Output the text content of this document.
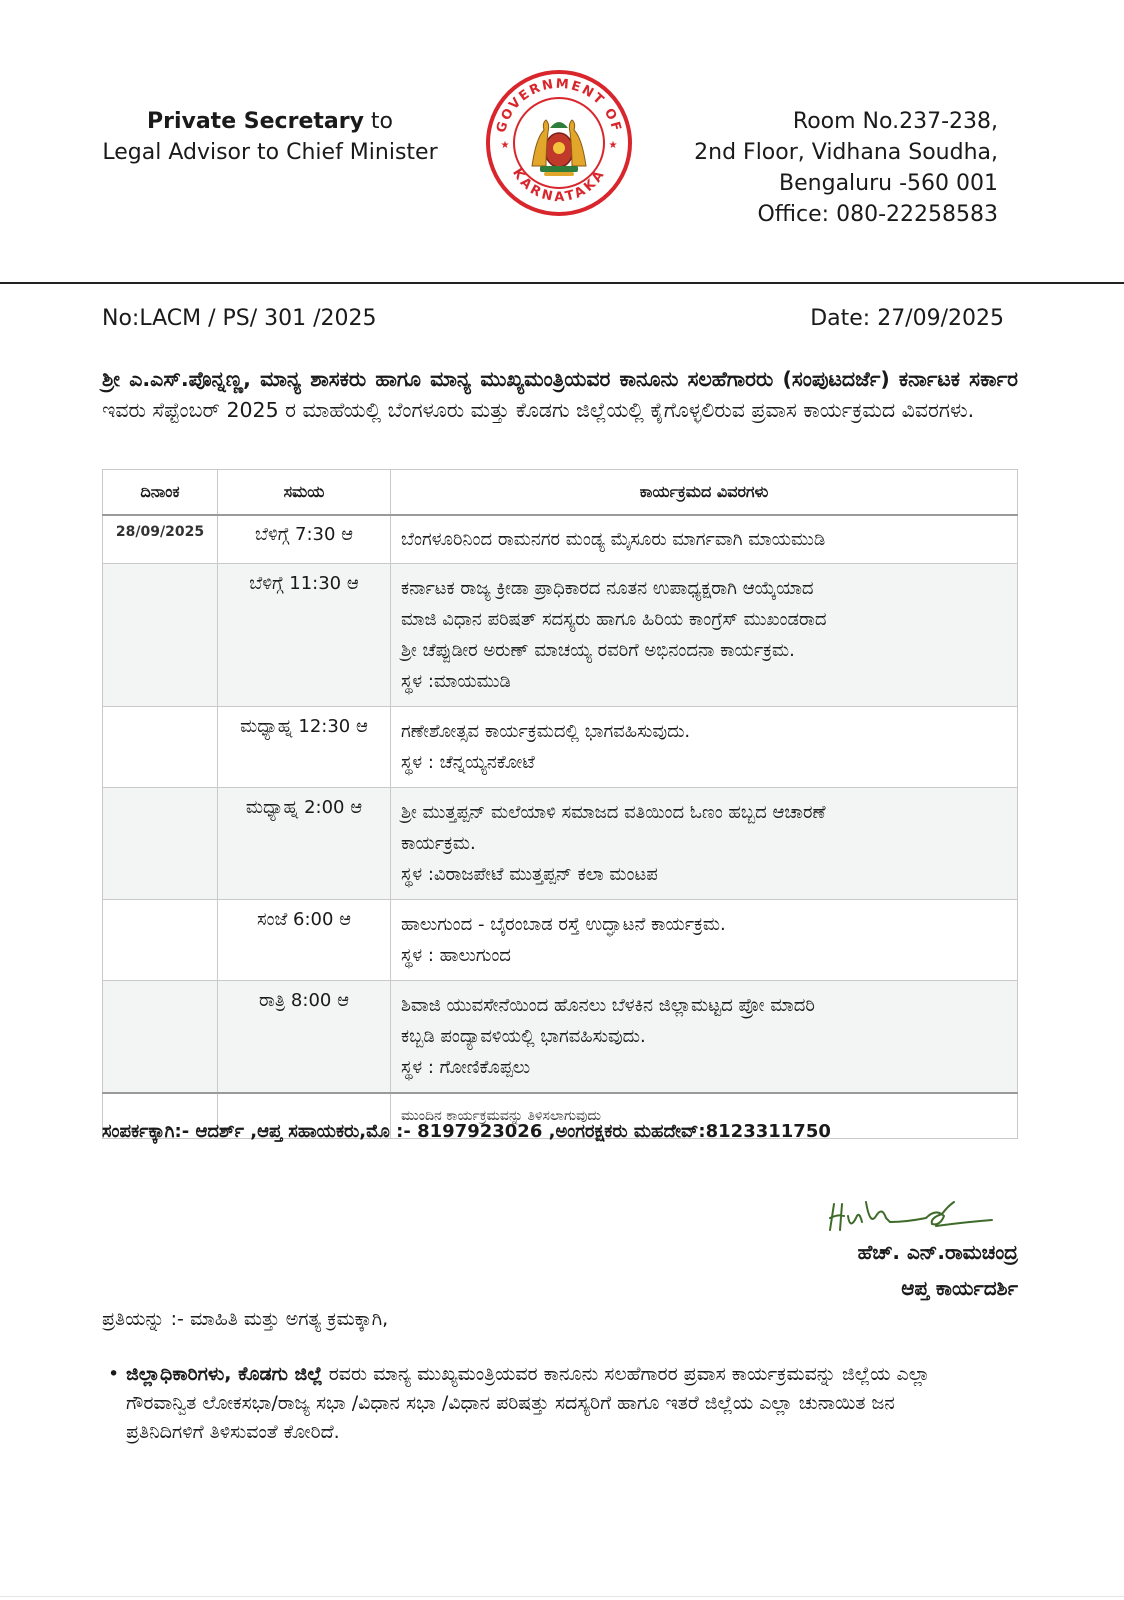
Private Secretary to
Legal Advisor to Chief Minister
GOVERNMENT OF
KARNATAKA
★	★
Room No.237-238,
2nd Floor, Vidhana Soudha,
Bengaluru -560 001
Office: 080-22258583
No:LACM / PS/ 301 /2025	Date: 27/09/2025
ಶ್ರೀ ಎ.ಎಸ್.ಪೊನ್ನಣ್ಣ, ಮಾನ್ಯ ಶಾಸಕರು ಹಾಗೂ ಮಾನ್ಯ ಮುಖ್ಯಮಂತ್ರಿಯವರ ಕಾನೂನು ಸಲಹೆಗಾರರು (ಸಂಪುಟದರ್ಜೆ) ಕರ್ನಾಟಕ ಸರ್ಕಾರ ಇವರು ಸೆಪ್ಟೆಂಬರ್ 2025 ರ ಮಾಹೆಯಲ್ಲಿ ಬೆಂಗಳೂರು ಮತ್ತು ಕೊಡಗು ಜಿಲ್ಲೆಯಲ್ಲಿ ಕೈಗೊಳ್ಳಲಿರುವ ಪ್ರವಾಸ ಕಾರ್ಯಕ್ರಮದ ವಿವರಗಳು.
ದಿನಾಂಕ	ಸಮಯ	ಕಾರ್ಯಕ್ರಮದ ವಿವರಗಳು
28/09/2025	ಬೆಳಿಗ್ಗೆ 7:30 ಆ	ಬೆಂಗಳೂರಿನಿಂದ ರಾಮನಗರ ಮಂಡ್ಯ ಮೈಸೂರು ಮಾರ್ಗವಾಗಿ ಮಾಯಮುಡಿ

	ಬೆಳಿಗ್ಗೆ 11:30 ಆ	ಕರ್ನಾಟಕ ರಾಜ್ಯ ಕ್ರೀಡಾ ಪ್ರಾಧಿಕಾರದ ನೂತನ ಉಪಾಧ್ಯಕ್ಷರಾಗಿ ಆಯ್ಕೆಯಾದ
ಮಾಜಿ ವಿಧಾನ ಪರಿಷತ್ ಸದಸ್ಯರು ಹಾಗೂ ಹಿರಿಯ ಕಾಂಗ್ರೆಸ್ ಮುಖಂಡರಾದ
ಶ್ರೀ ಚೆಪ್ಪುಡೀರ ಅರುಣ್ ಮಾಚಯ್ಯ ರವರಿಗೆ ಅಭಿನಂದನಾ ಕಾರ್ಯಕ್ರಮ.
ಸ್ಥಳ :ಮಾಯಮುಡಿ

	ಮಧ್ಯಾಹ್ನ 12:30 ಆ	ಗಣೇಶೋತ್ಸವ ಕಾರ್ಯಕ್ರಮದಲ್ಲಿ ಭಾಗವಹಿಸುವುದು.
ಸ್ಥಳ : ಚೆನ್ನಯ್ಯನಕೋಟೆ

	ಮಧ್ಯಾಹ್ನ 2:00 ಆ	ಶ್ರೀ ಮುತ್ತಪ್ಪನ್ ಮಲೆಯಾಳಿ ಸಮಾಜದ ವತಿಯಿಂದ ಓಣಂ ಹಬ್ಬದ ಆಚಾರಣೆ
ಕಾರ್ಯಕ್ರಮ.
ಸ್ಥಳ :ವಿರಾಜಪೇಟೆ ಮುತ್ತಪ್ಪನ್ ಕಲಾ ಮಂಟಪ

	ಸಂಜೆ 6:00 ಆ	ಹಾಲುಗುಂದ - ಬೈರಂಬಾಡ ರಸ್ತೆ ಉದ್ಘಾಟನೆ ಕಾರ್ಯಕ್ರಮ.
ಸ್ಥಳ : ಹಾಲುಗುಂದ

	ರಾತ್ರಿ 8:00 ಆ	ಶಿವಾಜಿ ಯುವಸೇನೆಯಿಂದ ಹೊನಲು ಬೆಳಕಿನ ಜಿಲ್ಲಾಮಟ್ಟದ ಪ್ರೋ ಮಾದರಿ
ಕಬ್ಬಡಿ ಪಂದ್ಯಾವಳಿಯಲ್ಲಿ ಭಾಗವಹಿಸುವುದು.
ಸ್ಥಳ : ಗೋಣಿಕೊಪ್ಪಲು

		ಮುಂದಿನ ಕಾರ್ಯಕ್ರಮವನ್ನು ತಿಳಿಸಲಾಗುವುದು
ಸಂಪರ್ಕಕ್ಕಾಗಿ:- ಆದರ್ಶ್ ,ಆಪ್ತ ಸಹಾಯಕರು,ಮೊ :- 8197923026 ,ಅಂಗರಕ್ಷಕರು ಮಹದೇವ್:8123311750
ಹೆಚ್. ಎನ್.ರಾಮಚಂದ್ರ
ಆಪ್ತ ಕಾರ್ಯದರ್ಶಿ
ಪ್ರತಿಯನ್ನು :- ಮಾಹಿತಿ ಮತ್ತು ಅಗತ್ಯ ಕ್ರಮಕ್ಕಾಗಿ,
• ಜಿಲ್ಲಾಧಿಕಾರಿಗಳು, ಕೊಡಗು ಜಿಲ್ಲೆ ರವರು ಮಾನ್ಯ ಮುಖ್ಯಮಂತ್ರಿಯವರ ಕಾನೂನು ಸಲಹೆಗಾರರ ಪ್ರವಾಸ ಕಾರ್ಯಕ್ರಮವನ್ನು ಜಿಲ್ಲೆಯ ಎಲ್ಲಾ ಗೌರವಾನ್ವಿತ ಲೋಕಸಭಾ/ರಾಜ್ಯ ಸಭಾ /ವಿಧಾನ ಸಭಾ /ವಿಧಾನ ಪರಿಷತ್ತು ಸದಸ್ಯರಿಗೆ ಹಾಗೂ ಇತರೆ ಜಿಲ್ಲೆಯ ಎಲ್ಲಾ ಚುನಾಯಿತ ಜನ ಪ್ರತಿನಿದಿಗಳಿಗೆ ತಿಳಿಸುವಂತೆ ಕೋರಿದೆ.
